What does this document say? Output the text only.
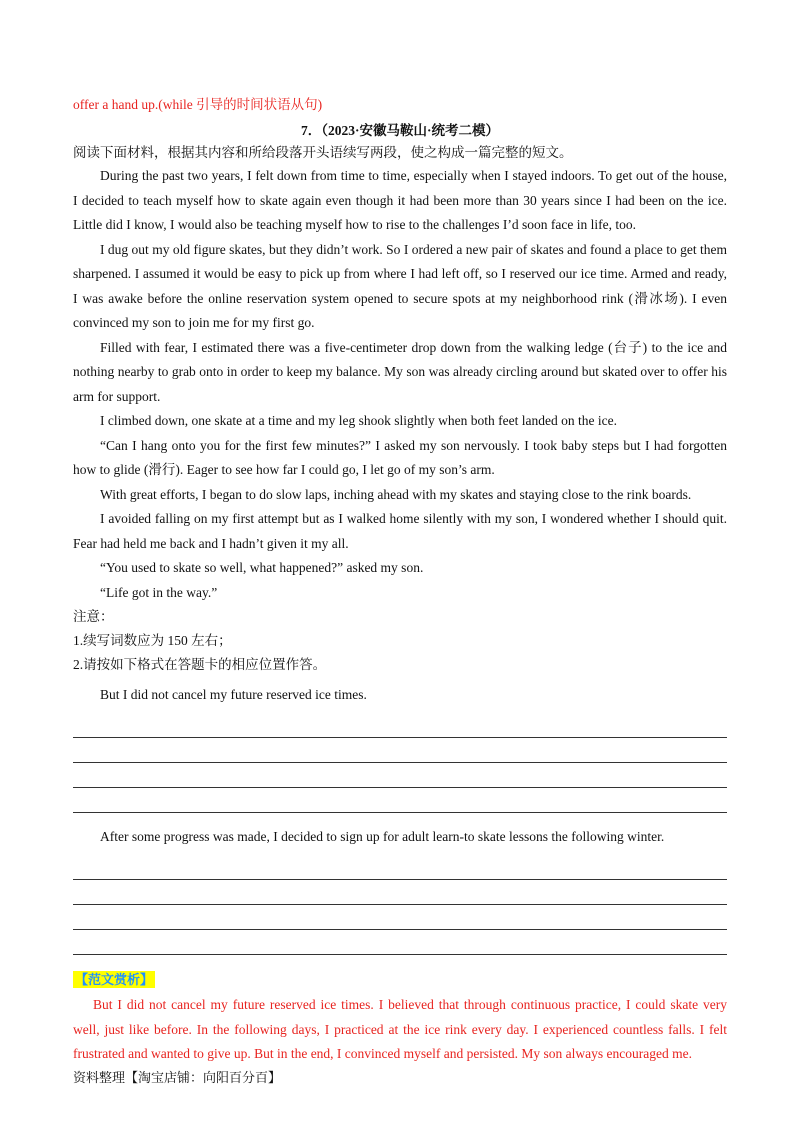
offer a hand up.(while 引导的时间状语从句)

7．（2023·安徽马鞍山·统考二模）

阅读下面材料，根据其内容和所给段落开头语续写两段，使之构成一篇完整的短文。

During the past two years, I felt down from time to time, especially when I stayed indoors. To get out of the house, I decided to teach myself how to skate again even though it had been more than 30 years since I had been on the ice. Little did I know, I would also be teaching myself how to rise to the challenges I’d soon face in life, too.

I dug out my old figure skates, but they didn’t work. So I ordered a new pair of skates and found a place to get them sharpened. I assumed it would be easy to pick up from where I had left off, so I reserved our ice time. Armed and ready, I was awake before the online reservation system opened to secure spots at my neighborhood rink (滑冰场). I even convinced my son to join me for my first go.

Filled with fear, I estimated there was a five-centimeter drop down from the walking ledge (台子) to the ice and nothing nearby to grab onto in order to keep my balance. My son was already circling around but skated over to offer his arm for support.

I climbed down, one skate at a time and my leg shook slightly when both feet landed on the ice.

“Can I hang onto you for the first few minutes?” I asked my son nervously. I took baby steps but I had forgotten how to glide (滑行). Eager to see how far I could go, I let go of my son’s arm.

With great efforts, I began to do slow laps, inching ahead with my skates and staying close to the rink boards.

I avoided falling on my first attempt but as I walked home silently with my son, I wondered whether I should quit. Fear had held me back and I hadn’t given it my all.

“You used to skate so well, what happened?” asked my son.

“Life got in the way.”

注意：

1.续写词数应为 150 左右；

2.请按如下格式在答题卡的相应位置作答。

But I did not cancel my future reserved ice times.

After some progress was made, I decided to sign up for adult learn-to skate lessons the following winter.

【范文赏析】

But I did not cancel my future reserved ice times. I believed that through continuous practice, I could skate very well, just like before. In the following days, I practiced at the ice rink every day. I experienced countless falls. I felt frustrated and wanted to give up. But in the end, I convinced myself and persisted. My son always encouraged me.

资料整理【淘宝店铺：向阳百分百】
